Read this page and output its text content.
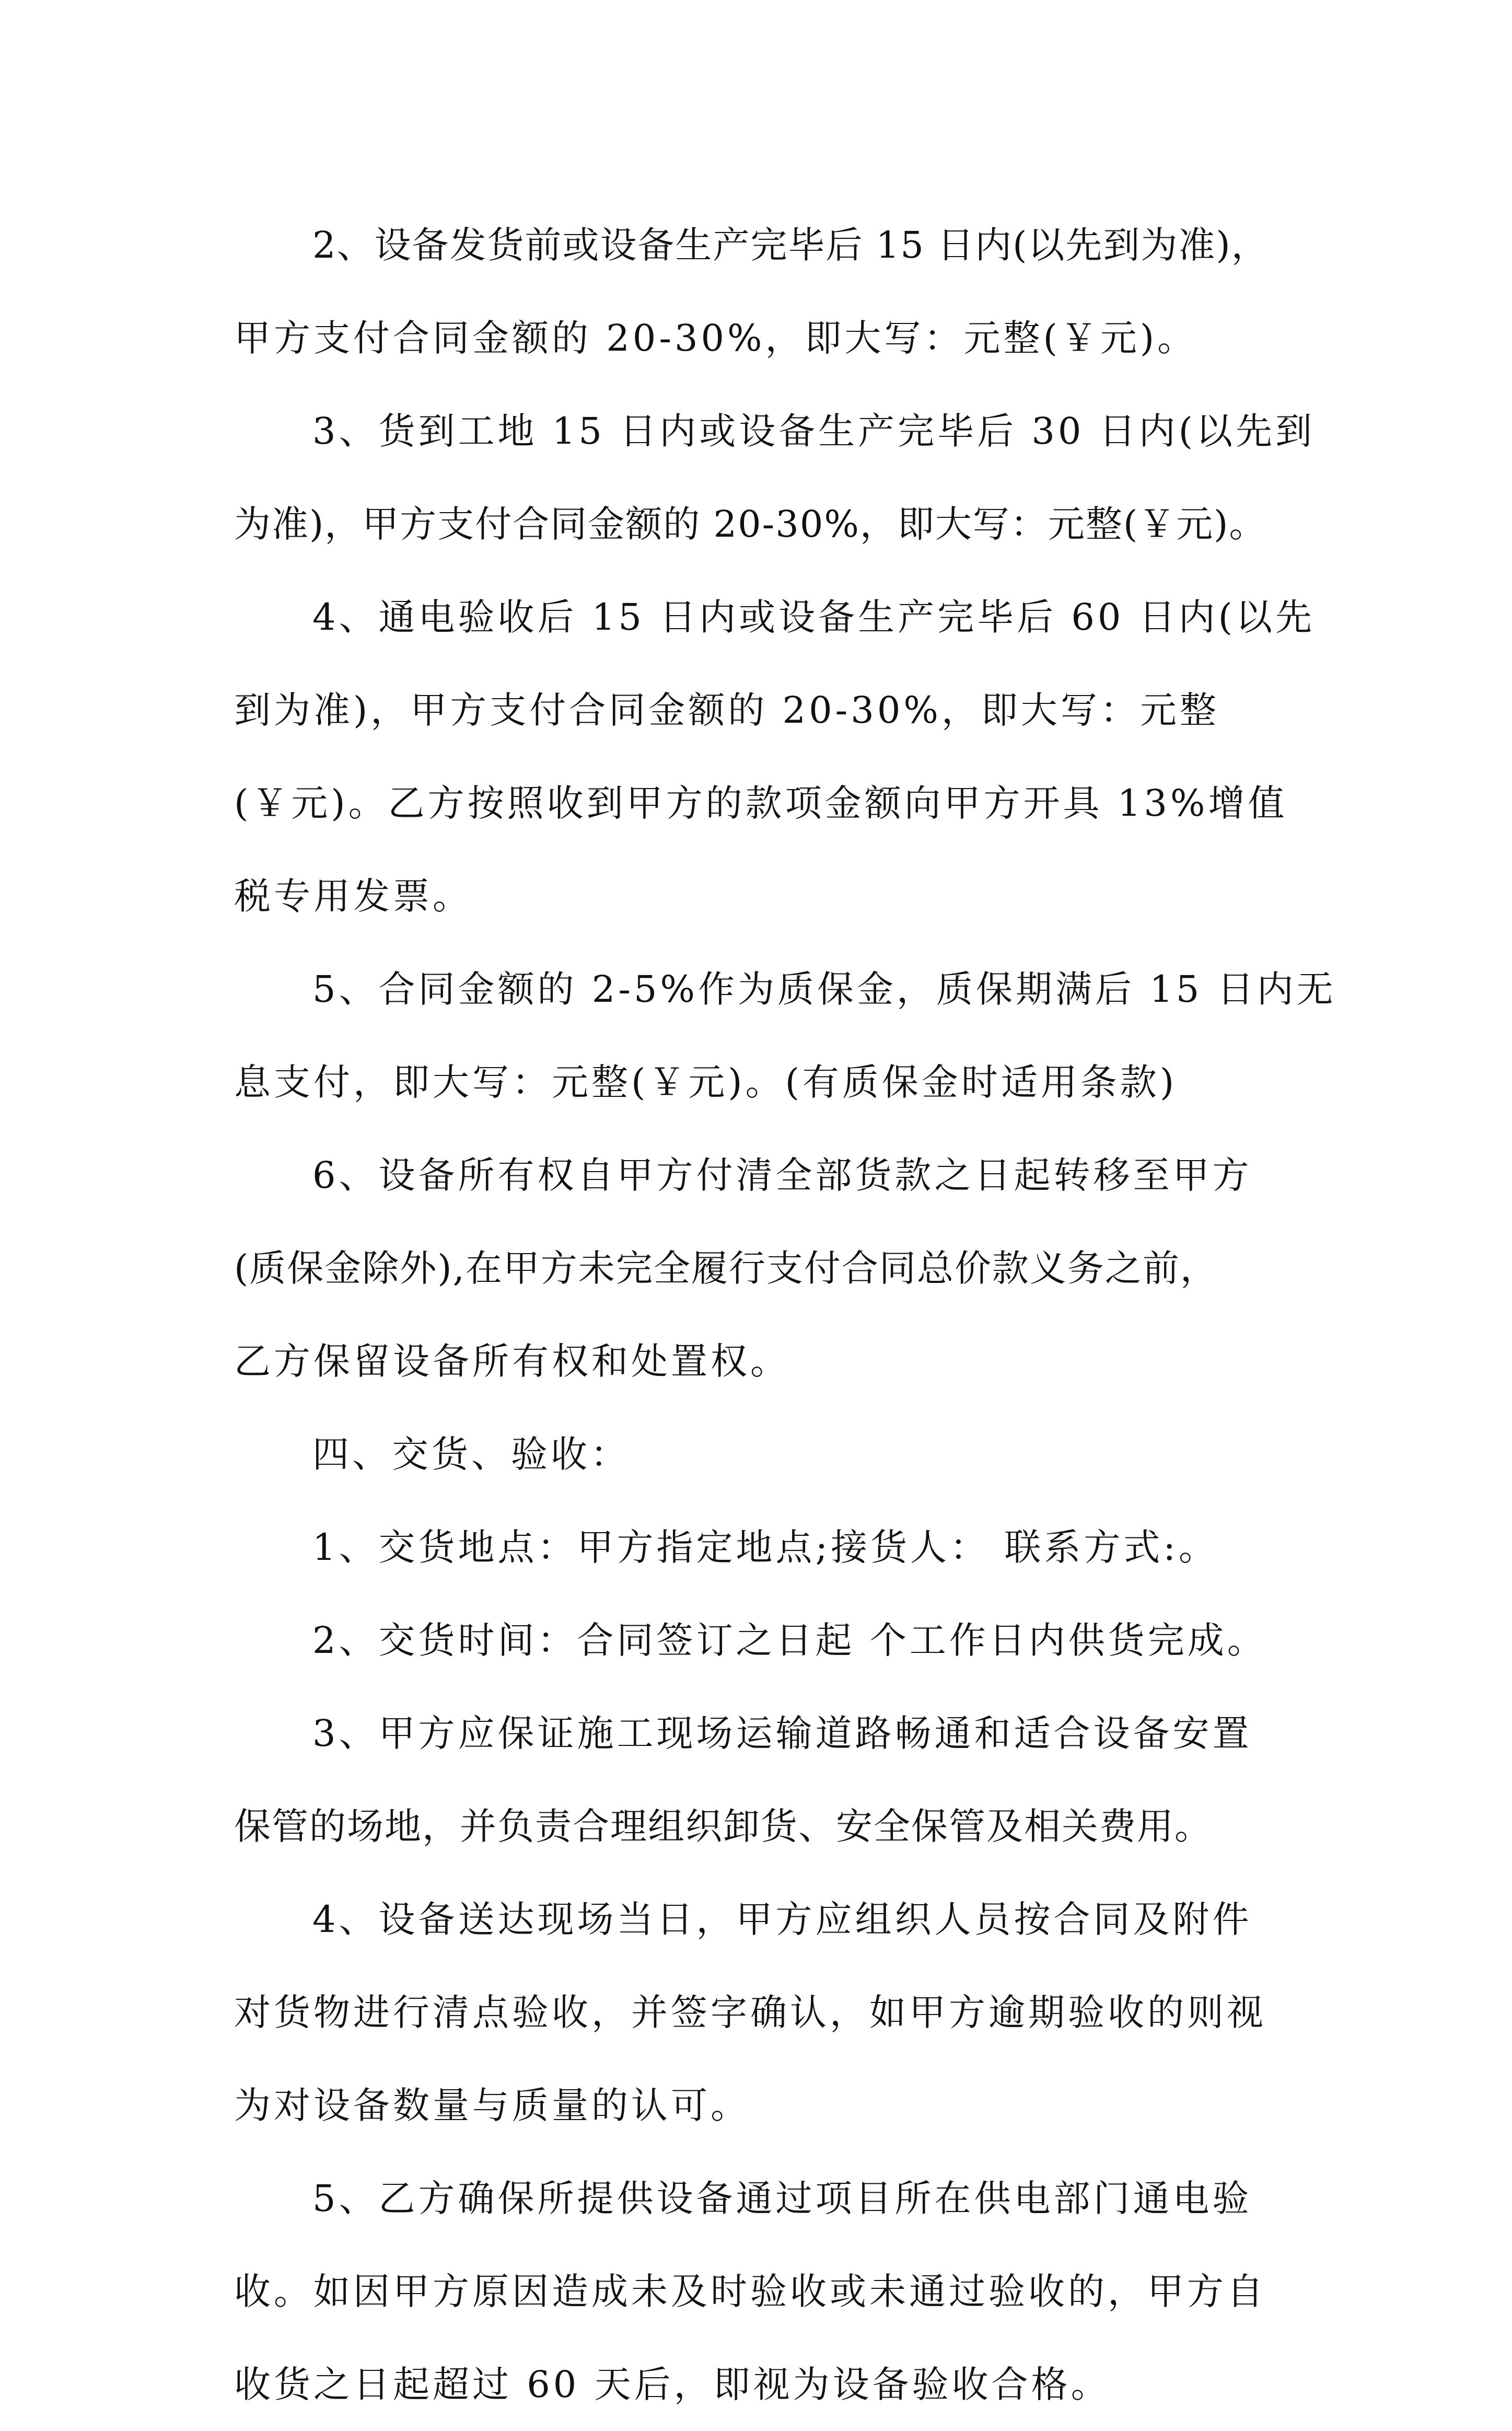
2、设备发货前或设备生产完毕后 15 日内(以先到为准)，

甲方支付合同金额的 20-30%，即大写：元整(￥元)。

3、货到工地 15 日内或设备生产完毕后 30 日内(以先到

为准)，甲方支付合同金额的 20-30%，即大写：元整(￥元)。

4、通电验收后 15 日内或设备生产完毕后 60 日内(以先

到为准)，甲方支付合同金额的 20-30%，即大写：元整

(￥元)。乙方按照收到甲方的款项金额向甲方开具 13%增值

税专用发票。

5、合同金额的 2-5%作为质保金，质保期满后 15 日内无

息支付，即大写：元整(￥元)。(有质保金时适用条款)

6、设备所有权自甲方付清全部货款之日起转移至甲方

(质保金除外),在甲方未完全履行支付合同总价款义务之前，

乙方保留设备所有权和处置权。

四、交货、验收：

1、交货地点：甲方指定地点;接货人： 联系方式:。

2、交货时间：合同签订之日起 个工作日内供货完成。

3、甲方应保证施工现场运输道路畅通和适合设备安置

保管的场地，并负责合理组织卸货、安全保管及相关费用。

4、设备送达现场当日，甲方应组织人员按合同及附件

对货物进行清点验收，并签字确认，如甲方逾期验收的则视

为对设备数量与质量的认可。

5、乙方确保所提供设备通过项目所在供电部门通电验

收。如因甲方原因造成未及时验收或未通过验收的，甲方自

收货之日起超过 60 天后，即视为设备验收合格。
